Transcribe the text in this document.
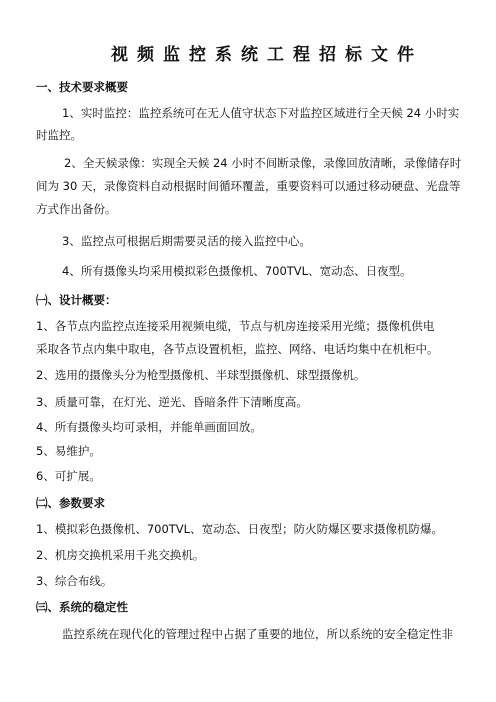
视频监控系统工程招标文件
一、技术要求概要
1、实时监控：监控系统可在无人值守状态下对监控区域进行全天候 24 小时实
时监控。
2、全天候录像：实现全天候 24 小时不间断录像，录像回放清晰，录像储存时
间为 30 天，录像资料自动根据时间循环覆盖，重要资料可以通过移动硬盘、光盘等
方式作出备份。
3、监控点可根据后期需要灵活的接入监控中心。
4、所有摄像头均采用模拟彩色摄像机、700TVL、宽动态、日夜型。
㈠、设计概要：
1、各节点内监控点连接采用视频电缆，节点与机房连接采用光缆；摄像机供电
采取各节点内集中取电，各节点设置机柜，监控、网络、电话均集中在机柜中。
2、选用的摄像头分为枪型摄像机、半球型摄像机、球型摄像机。
3、质量可靠，在灯光、逆光、昏暗条件下清晰度高。
4、所有摄像头均可录相，并能单画面回放。
5、易维护。
6、可扩展。
㈡、参数要求
1、模拟彩色摄像机、700TVL、宽动态、日夜型；防火防爆区要求摄像机防爆。
2、机房交换机采用千兆交换机。
3、综合布线。
㈢、系统的稳定性
监控系统在现代化的管理过程中占据了重要的地位，所以系统的安全稳定性非
